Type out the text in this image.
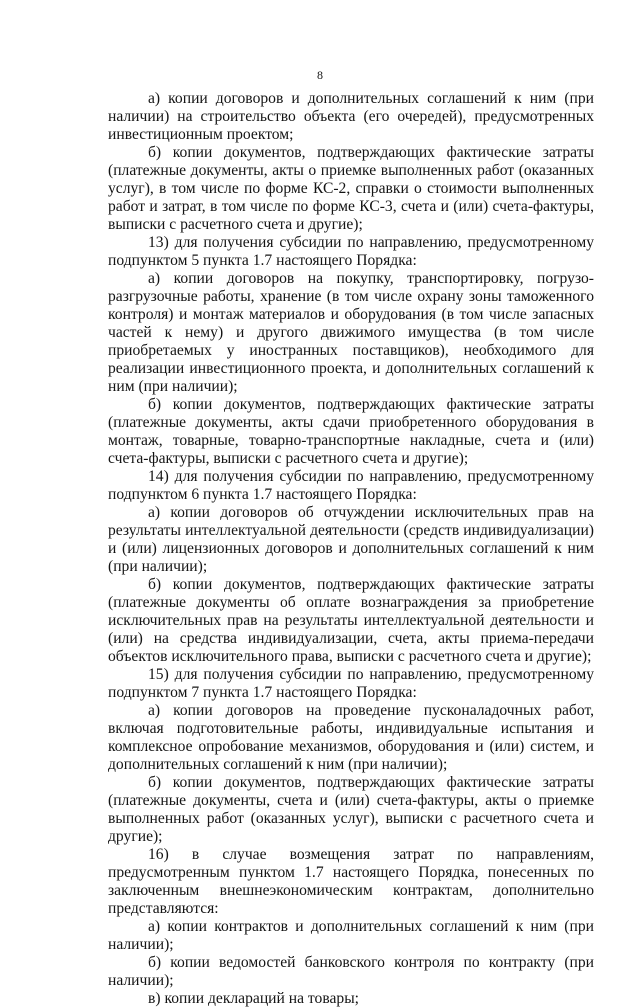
8

а) копии договоров и дополнительных соглашений к ним (при наличии) на строительство объекта (его очередей), предусмотренных инвестиционным проектом;

б) копии документов, подтверждающих фактические затраты (платежные документы, акты о приемке выполненных работ (оказанных услуг), в том числе по форме КС-2, справки о стоимости выполненных работ и затрат, в том числе по форме КС-3, счета и (или) счета-фактуры, выписки с расчетного счета и другие);

13) для получения субсидии по направлению, предусмотренному подпунктом 5 пункта 1.7 настоящего Порядка:

а) копии договоров на покупку, транспортировку, погрузо-разгрузочные работы, хранение (в том числе охрану зоны таможенного контроля) и монтаж материалов и оборудования (в том числе запасных частей к нему) и другого движимого имущества (в том числе приобретаемых у иностранных поставщиков), необходимого для реализации инвестиционного проекта, и дополнительных соглашений к ним (при наличии);

б) копии документов, подтверждающих фактические затраты (платежные документы, акты сдачи приобретенного оборудования в монтаж, товарные, товарно-транспортные накладные, счета и (или) счета-фактуры, выписки с расчетного счета и другие);

14) для получения субсидии по направлению, предусмотренному подпунктом 6 пункта 1.7 настоящего Порядка:

а) копии договоров об отчуждении исключительных прав на результаты интеллектуальной деятельности (средств индивидуализации) и (или) лицензионных договоров и дополнительных соглашений к ним (при наличии);

б) копии документов, подтверждающих фактические затраты (платежные документы об оплате вознаграждения за приобретение исключительных прав на результаты интеллектуальной деятельности и (или) на средства индивидуализации, счета, акты приема-передачи объектов исключительного права, выписки с расчетного счета и другие);

15) для получения субсидии по направлению, предусмотренному подпунктом 7 пункта 1.7 настоящего Порядка:

а) копии договоров на проведение пусконаладочных работ, включая подготовительные работы, индивидуальные испытания и комплексное опробование механизмов, оборудования и (или) систем, и дополнительных соглашений к ним (при наличии);

б) копии документов, подтверждающих фактические затраты (платежные документы, счета и (или) счета-фактуры, акты о приемке выполненных работ (оказанных услуг), выписки с расчетного счета и другие);

16) в случае возмещения затрат по направлениям, предусмотренным пунктом 1.7 настоящего Порядка, понесенных по заключенным внешнеэкономическим контрактам, дополнительно представляются:

а) копии контрактов и дополнительных соглашений к ним (при наличии);

б) копии ведомостей банковского контроля по контракту (при наличии);

в) копии деклараций на товары;
